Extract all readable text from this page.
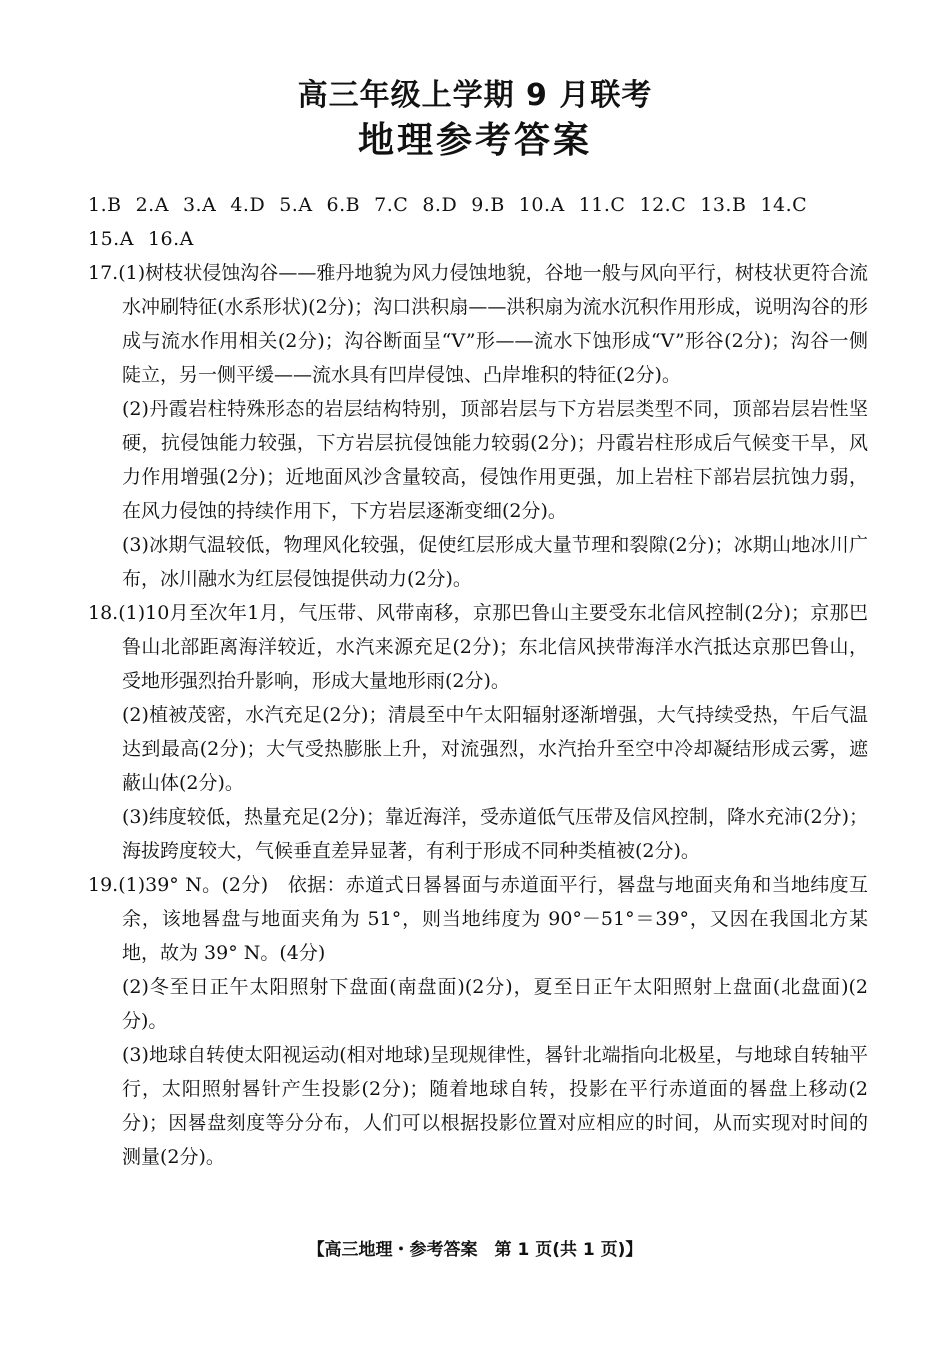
高三年级上学期 9 月联考
地理参考答案
1.B 2.A 3.A 4.D 5.A 6.B 7.C 8.D 9.B 10.A 11.C 12.C 13.B 14.C
15.A 16.A
17.(1)树枝状侵蚀沟谷——雅丹地貌为风力侵蚀地貌，谷地一般与风向平行，树枝状更符合流水冲刷特征(水系形状)(2分)；沟口洪积扇——洪积扇为流水沉积作用形成，说明沟谷的形成与流水作用相关(2分)；沟谷断面呈“V”形——流水下蚀形成“V”形谷(2分)；沟谷一侧陡立，另一侧平缓——流水具有凹岸侵蚀、凸岸堆积的特征(2分)。
(2)丹霞岩柱特殊形态的岩层结构特别，顶部岩层与下方岩层类型不同，顶部岩层岩性坚硬，抗侵蚀能力较强，下方岩层抗侵蚀能力较弱(2分)；丹霞岩柱形成后气候变干旱，风力作用增强(2分)；近地面风沙含量较高，侵蚀作用更强，加上岩柱下部岩层抗蚀力弱，在风力侵蚀的持续作用下，下方岩层逐渐变细(2分)。
(3)冰期气温较低，物理风化较强，促使红层形成大量节理和裂隙(2分)；冰期山地冰川广布，冰川融水为红层侵蚀提供动力(2分)。
18.(1)10月至次年1月，气压带、风带南移，京那巴鲁山主要受东北信风控制(2分)；京那巴鲁山北部距离海洋较近，水汽来源充足(2分)；东北信风挟带海洋水汽抵达京那巴鲁山，受地形强烈抬升影响，形成大量地形雨(2分)。
(2)植被茂密，水汽充足(2分)；清晨至中午太阳辐射逐渐增强，大气持续受热，午后气温达到最高(2分)；大气受热膨胀上升，对流强烈，水汽抬升至空中冷却凝结形成云雾，遮蔽山体(2分)。
(3)纬度较低，热量充足(2分)；靠近海洋，受赤道低气压带及信风控制，降水充沛(2分)；海拔跨度较大，气候垂直差异显著，有利于形成不同种类植被(2分)。
19.(1)39° N。(2分)　依据：赤道式日晷晷面与赤道面平行，晷盘与地面夹角和当地纬度互余，该地晷盘与地面夹角为 51°，则当地纬度为 90°－51°＝39°，又因在我国北方某地，故为 39° N。(4分)
(2)冬至日正午太阳照射下盘面(南盘面)(2分)，夏至日正午太阳照射上盘面(北盘面)(2分)。
(3)地球自转使太阳视运动(相对地球)呈现规律性，晷针北端指向北极星，与地球自转轴平行，太阳照射晷针产生投影(2分)；随着地球自转，投影在平行赤道面的晷盘上移动(2分)；因晷盘刻度等分分布，人们可以根据投影位置对应相应的时间，从而实现对时间的测量(2分)。
【高三地理・参考答案　第 1 页(共 1 页)】
